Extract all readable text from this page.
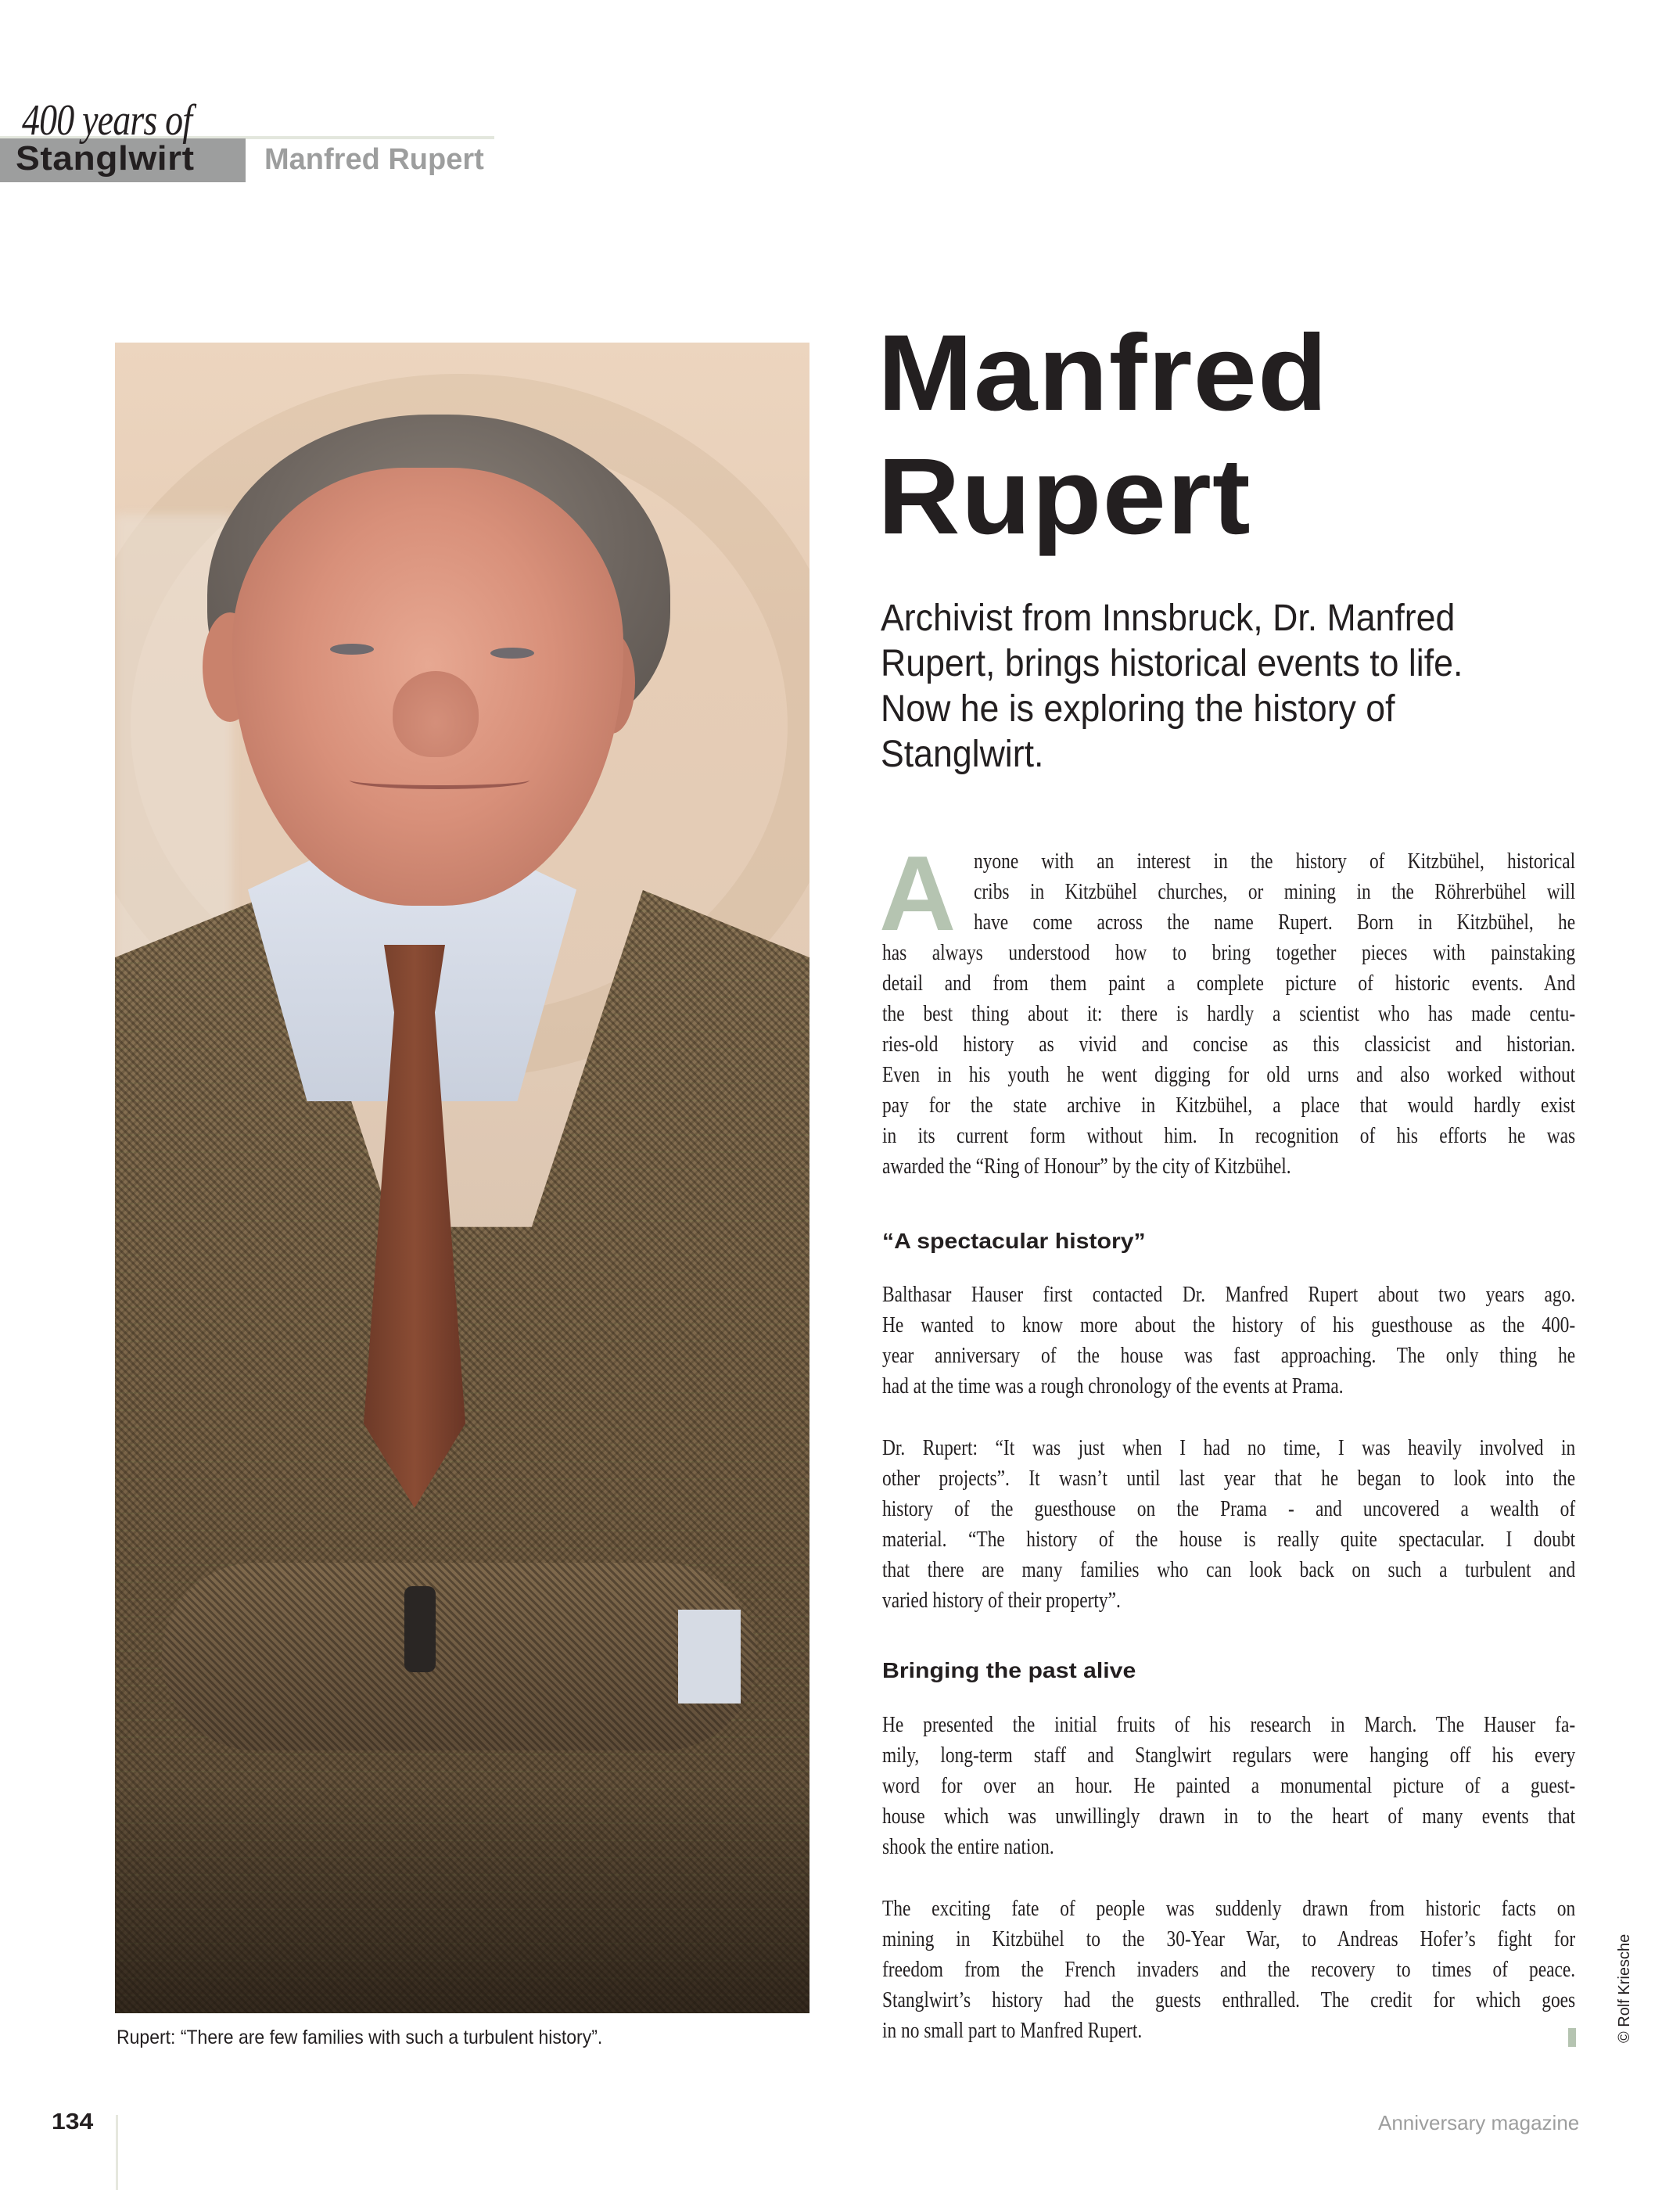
400 years of
Stanglwirt Manfred Rupert
Rupert: “There are few families with such a turbulent history”.
Manfred
Rupert
Archivist from Innsbruck, Dr. Manfred
Rupert, brings historical events to life.
Now he is exploring the history of
Stanglwirt.
A nyone with an interest in the history of Kitzbühel, historical
cribs in Kitzbühel churches, or mining in the Röhrerbühel will
have come across the name Rupert. Born in Kitzbühel, he
has always understood how to bring together pieces with painstaking
detail and from them paint a complete picture of historic events. And
the best thing about it: there is hardly a scientist who has made centu-
ries-old history as vivid and concise as this classicist and historian.
Even in his youth he went digging for old urns and also worked without
pay for the state archive in Kitzbühel, a place that would hardly exist
in its current form without him. In recognition of his efforts he was
awarded the “Ring of Honour” by the city of Kitzbühel.
“A spectacular history”
Balthasar Hauser first contacted Dr. Manfred Rupert about two years ago.
He wanted to know more about the history of his guesthouse as the 400-
year anniversary of the house was fast approaching. The only thing he
had at the time was a rough chronology of the events at Prama.
Dr. Rupert: “It was just when I had no time, I was heavily involved in
other projects”. It wasn’t until last year that he began to look into the
history of the guesthouse on the Prama - and uncovered a wealth of
material. “The history of the house is really quite spectacular. I doubt
that there are many families who can look back on such a turbulent and
varied history of their property”.
Bringing the past alive
He presented the initial fruits of his research in March. The Hauser fa-
mily, long-term staff and Stanglwirt regulars were hanging off his every
word for over an hour. He painted a monumental picture of a guest-
house which was unwillingly drawn in to the heart of many events that
shook the entire nation.
The exciting fate of people was suddenly drawn from historic facts on
mining in Kitzbühel to the 30-Year War, to Andreas Hofer’s fight for
freedom from the French invaders and the recovery to times of peace.
Stanglwirt’s history had the guests enthralled. The credit for which goes
in no small part to Manfred Rupert.	© Rolf Kriesche
134	Anniversary magazine
